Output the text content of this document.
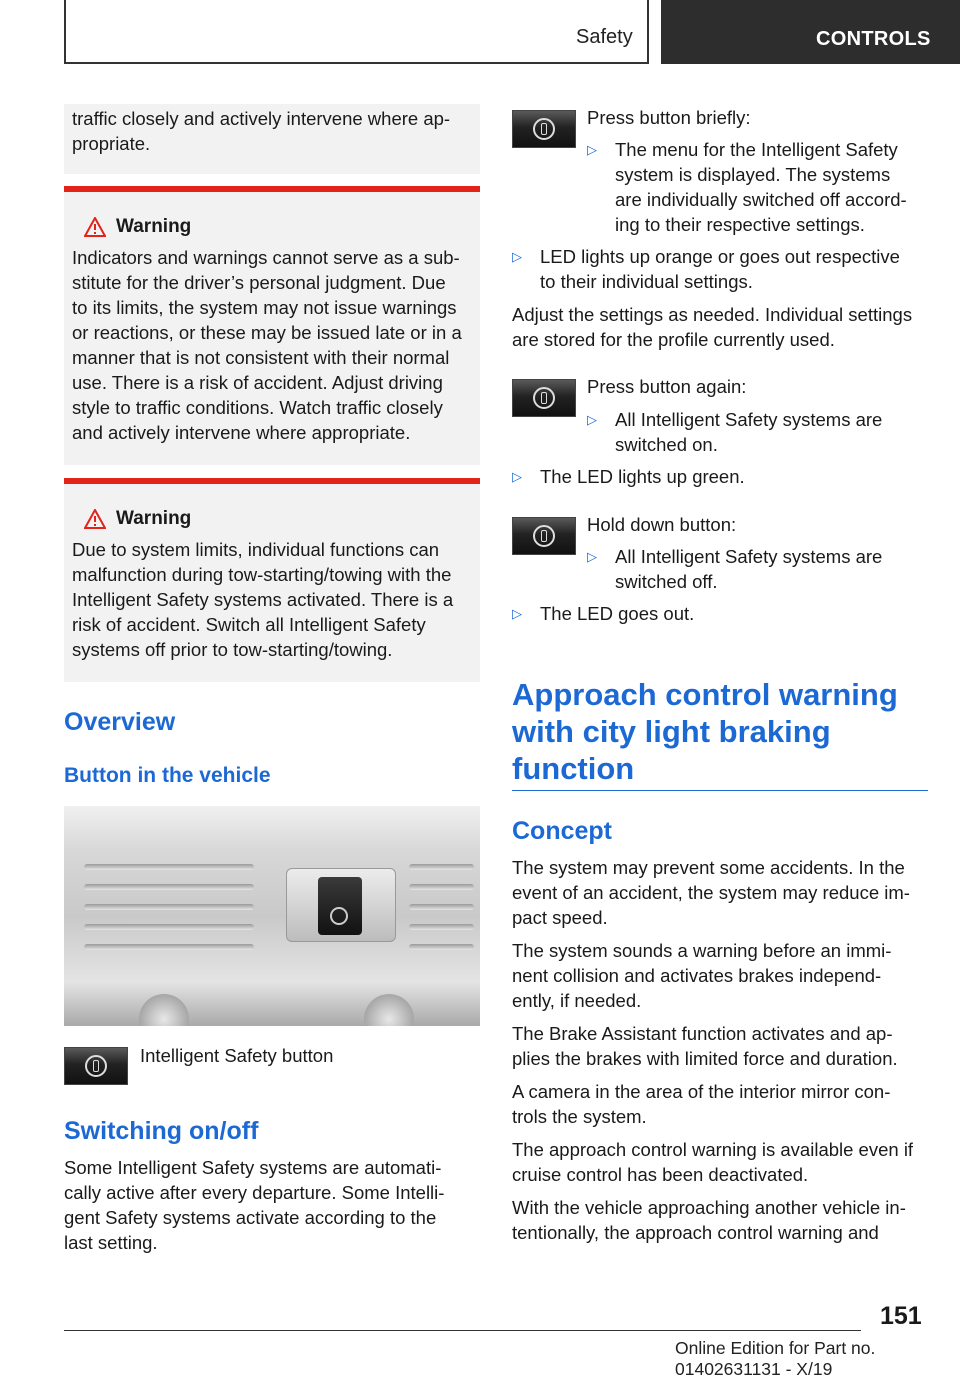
Safety	CONTROLS

traffic closely and actively intervene where ap-

propriate.

Warning

Indicators and warnings cannot serve as a sub-

stitute for the driver’s personal judgment. Due

to its limits, the system may not issue warnings

or reactions, or these may be issued late or in a

manner that is not consistent with their normal

use. There is a risk of accident. Adjust driving

style to traffic conditions. Watch traffic closely

and actively intervene where appropriate.

Warning

Due to system limits, individual functions can

malfunction during tow-starting/towing with the

Intelligent Safety systems activated. There is a

risk of accident. Switch all Intelligent Safety

systems off prior to tow-starting/towing.

Overview
Button in the vehicle

Intelligent Safety button

Switching on/off

Some Intelligent Safety systems are automati-

cally active after every departure. Some Intelli-

gent Safety systems activate according to the

last setting.

Press button briefly:

▷ The menu for the Intelligent Safety

system is displayed. The systems

are individually switched off accord-

ing to their respective settings.

▷ LED lights up orange or goes out respective

to their individual settings.

Adjust the settings as needed. Individual settings

are stored for the profile currently used.

Press button again:

▷ All Intelligent Safety systems are

switched on.

▷ The LED lights up green.

Hold down button:

▷ All Intelligent Safety systems are

switched off.

▷ The LED goes out.

Approach control warning
with city light braking
function
Concept

The system may prevent some accidents. In the

event of an accident, the system may reduce im-

pact speed.

The system sounds a warning before an immi-

nent collision and activates brakes independ-

ently, if needed.

The Brake Assistant function activates and ap-

plies the brakes with limited force and duration.

A camera in the area of the interior mirror con-

trols the system.

The approach control warning is available even if

cruise control has been deactivated.

With the vehicle approaching another vehicle in-

tentionally, the approach control warning and

151
Online Edition for Part no. 01402631131 - X/19
